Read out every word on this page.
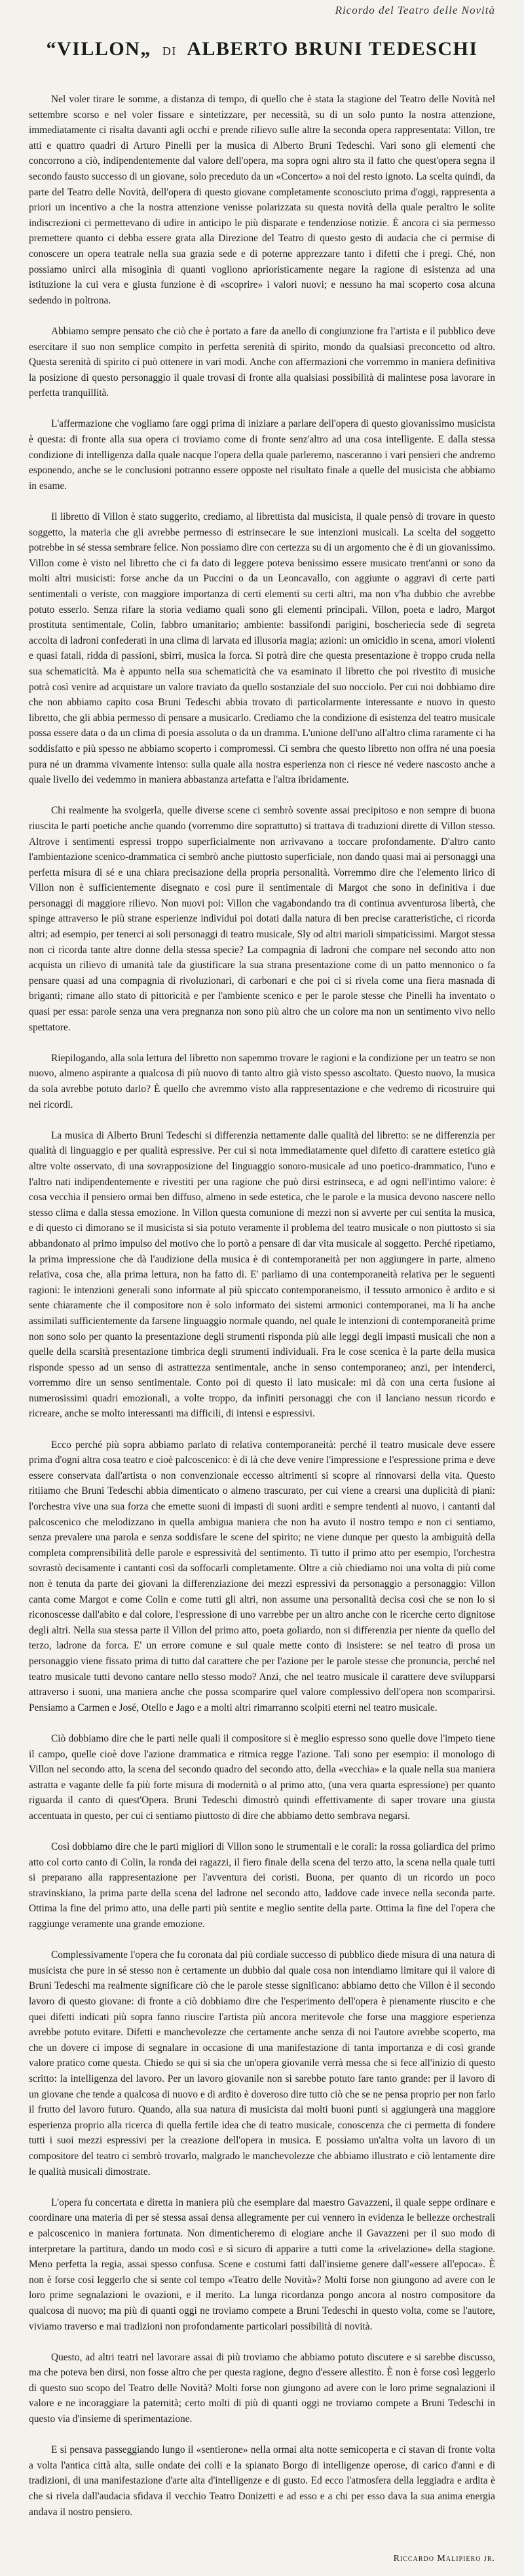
Ricordo del Teatro delle Novità
“VILLON„ DI ALBERTO BRUNI TEDESCHI

Nel voler tirare le somme, a distanza di tempo, di quello che è stata la stagione del Teatro delle Novità nel settembre scorso e nel voler fissare e sintetizzare, per necessità, su di un solo punto la nostra attenzione, immediatamente ci risalta davanti agli occhi e prende rilievo sulle altre la seconda opera rappresentata: Villon, tre atti e quattro quadri di Arturo Pinelli per la musica di Alberto Bruni Tedeschi. Vari sono gli elementi che concorrono a ciò, indipendentemente dal valore dell'opera, ma sopra ogni altro sta il fatto che quest'opera segna il secondo fausto successo di un giovane, solo preceduto da un «Concerto» a noi del resto ignoto. La scelta quindi, da parte del Teatro delle Novità, dell'opera di questo giovane completamente sconosciuto prima d'oggi, rappresenta a priori un incentivo a che la nostra attenzione venisse polarizzata su questa novità della quale peraltro le solite indiscrezioni ci permettevano di udire in anticipo le più disparate e tendenziose notizie. È ancora ci sia permesso premettere quanto ci debba essere grata alla Direzione del Teatro di questo gesto di audacia che ci permise di conoscere un opera teatrale nella sua grazia sede e di poterne apprezzare tanto i difetti che i pregi. Ché, non possiamo unirci alla misoginia di quanti vogliono aprioristicamente negare la ragione di esistenza ad una istituzione la cui vera e giusta funzione è di «scoprire» i valori nuovi; e nessuno ha mai scoperto cosa alcuna sedendo in poltrona.

Abbiamo sempre pensato che ciò che è portato a fare da anello di congiunzione fra l'artista e il pubblico deve esercitare il suo non semplice compito in perfetta serenità di spirito, mondo da qualsiasi preconcetto od altro. Questa serenità di spirito ci può ottenere in vari modi. Anche con affermazioni che vorremmo in maniera definitiva la posizione di questo personaggio il quale trovasi di fronte alla qualsiasi possibilità di malintese posa lavorare in perfetta tranquillità.

L'affermazione che vogliamo fare oggi prima di iniziare a parlare dell'opera di questo giovanissimo musicista è questa: di fronte alla sua opera ci troviamo come di fronte senz'altro ad una cosa intelligente. E dalla stessa condizione di intelligenza dalla quale nacque l'opera della quale parleremo, nasceranno i vari pensieri che andremo esponendo, anche se le conclusioni potranno essere opposte nel risultato finale a quelle del musicista che abbiamo in esame.

Il libretto di Villon è stato suggerito, crediamo, al librettista dal musicista, il quale pensò di trovare in questo soggetto, la materia che gli avrebbe permesso di estrinsecare le sue intenzioni musicali. La scelta del soggetto potrebbe in sé stessa sembrare felice. Non possiamo dire con certezza su di un argomento che è di un giovanissimo. Villon come è visto nel libretto che ci fa dato di leggere poteva benissimo essere musicato trent'anni or sono da molti altri musicisti: forse anche da un Puccini o da un Leoncavallo, con aggiunte o aggravi di certe parti sentimentali o veriste, con maggiore importanza di certi elementi su certi altri, ma non v'ha dubbio che avrebbe potuto esserlo. Senza rifare la storia vediamo quali sono gli elementi principali. Villon, poeta e ladro, Margot prostituta sentimentale, Colin, fabbro umanitario; ambiente: bassifondi parigini, boscheriecia sede di segreta accolta di ladroni confederati in una clima di larvata ed illusoria magia; azioni: un omicidio in scena, amori violenti e quasi fatali, ridda di passioni, sbirri, musica la forca. Si potrà dire che questa presentazione è troppo cruda nella sua schematicità. Ma è appunto nella sua schematicità che va esaminato il libretto che poi rivestito di musiche potrà così venire ad acquistare un valore traviato da quello sostanziale del suo nocciolo. Per cui noi dobbiamo dire che non abbiamo capito cosa Bruni Tedeschi abbia trovato di particolarmente interessante e nuovo in questo libretto, che gli abbia permesso di pensare a musicarlo. Crediamo che la condizione di esistenza del teatro musicale possa essere data o da un clima di poesia assoluta o da un dramma. L'unione dell'uno all'altro clima raramente ci ha soddisfatto e più spesso ne abbiamo scoperto i compromessi. Ci sembra che questo libretto non offra né una poesia pura né un dramma vivamente intenso: sulla quale alla nostra esperienza non ci riesce né vedere nascosto anche a quale livello dei vedemmo in maniera abbastanza artefatta e l'altra ibridamente.

Chi realmente ha svolgerla, quelle diverse scene ci sembrò sovente assai precipitoso e non sempre di buona riuscita le parti poetiche anche quando (vorremmo dire soprattutto) si trattava di traduzioni dirette di Villon stesso. Altrove i sentimenti espressi troppo superficialmente non arrivavano a toccare profondamente. D'altro canto l'ambientazione scenico-drammatica ci sembrò anche piuttosto superficiale, non dando quasi mai ai personaggi una perfetta misura di sé e una chiara precisazione della propria personalità. Vorremmo dire che l'elemento lirico di Villon non è sufficientemente disegnato e così pure il sentimentale di Margot che sono in definitiva i due personaggi di maggiore rilievo. Non nuovi poi: Villon che vagabondando tra di continua avventurosa libertà, che spinge attraverso le più strane esperienze individui poi dotati dalla natura di ben precise caratteristiche, ci ricorda altri; ad esempio, per tenerci ai soli personaggi di teatro musicale, Sly od altri marioli simpaticissimi. Margot stessa non ci ricorda tante altre donne della stessa specie? La compagnia di ladroni che compare nel secondo atto non acquista un rilievo di umanità tale da giustificare la sua strana presentazione come di un patto mennonico o fa pensare quasi ad una compagnia di rivoluzionari, di carbonari e che poi ci si rivela come una fiera masnada di briganti; rimane allo stato di pittoricità e per l'ambiente scenico e per le parole stesse che Pinelli ha inventato o quasi per essa: parole senza una vera pregnanza non sono più altro che un colore ma non un sentimento vivo nello spettatore.

Riepilogando, alla sola lettura del libretto non sapemmo trovare le ragioni e la condizione per un teatro se non nuovo, almeno aspirante a qualcosa di più nuovo di tanto altro già visto spesso ascoltato. Questo nuovo, la musica da sola avrebbe potuto darlo? È quello che avremmo visto alla rappresentazione e che vedremo di ricostruire qui nei ricordi.

La musica di Alberto Bruni Tedeschi si differenzia nettamente dalle qualità del libretto: se ne differenzia per qualità di linguaggio e per qualità espressive. Per cui si nota immediatamente quel difetto di carattere estetico già altre volte osservato, di una sovrapposizione del linguaggio sonoro-musicale ad uno poetico-drammatico, l'uno e l'altro nati indipendentemente e rivestiti per una ragione che può dirsi estrinseca, e ad ogni nell'intimo valore: è cosa vecchia il pensiero ormai ben diffuso, almeno in sede estetica, che le parole e la musica devono nascere nello stesso clima e dalla stessa emozione. In Villon questa comunione di mezzi non si avverte per cui sentita la musica, e di questo ci dimorano se il musicista si sia potuto veramente il problema del teatro musicale o non piuttosto si sia abbandonato al primo impulso del motivo che lo portò a pensare di dar vita musicale al soggetto. Perché ripetiamo, la prima impressione che dà l'audizione della musica è di contemporaneità per non aggiungere in parte, almeno relativa, cosa che, alla prima lettura, non ha fatto di. E' parliamo di una contemporaneità relativa per le seguenti ragioni: le intenzioni generali sono informate al più spiccato contemporaneismo, il tessuto armonico è ardito e si sente chiaramente che il compositore non è solo informato dei sistemi armonici contemporanei, ma li ha anche assimilati sufficientemente da farsene linguaggio normale quando, nel quale le intenzioni di contemporaneità prime non sono solo per quanto la presentazione degli strumenti risponda più alle leggi degli impasti musicali che non a quelle della scarsità presentazione timbrica degli strumenti individuali. Fra le cose scenica è la parte della musica risponde spesso ad un senso di astrattezza sentimentale, anche in senso contemporaneo; anzi, per intenderci, vorremmo dire un senso sentimentale. Conto poi di questo il lato musicale: mi dà con una certa fusione ai numerosissimi quadri emozionali, a volte troppo, da infiniti personaggi che con il lanciano nessun ricordo e ricreare, anche se molto interessanti ma difficili, di intensi e espressivi.

Ecco perché più sopra abbiamo parlato di relativa contemporaneità: perché il teatro musicale deve essere prima d'ogni altra cosa teatro e cioè palcoscenico: è di là che deve venire l'impressione e l'espressione prima e deve essere conservata dall'artista o non convenzionale eccesso altrimenti si scopre al rinnovarsi della vita. Questo ritiiamo che Bruni Tedeschi abbia dimenticato o almeno trascurato, per cui viene a crearsi una duplicità di piani: l'orchestra vive una sua forza che emette suoni di impasti di suoni arditi e sempre tendenti al nuovo, i cantanti dal palcoscenico che melodizzano in quella ambigua maniera che non ha avuto il nostro tempo e non ci sentiamo, senza prevalere una parola e senza soddisfare le scene del spirito; ne viene dunque per questo la ambiguità della completa comprensibilità delle parole e espressività del sentimento. Ti tutto il primo atto per esempio, l'orchestra sovrastò decisamente i cantanti così da soffocarli completamente. Oltre a ciò chiediamo noi una volta di più come non è tenuta da parte dei giovani la differenziazione dei mezzi espressivi da personaggio a personaggio: Villon canta come Margot e come Colin e come tutti gli altri, non assume una personalità decisa così che se non lo si riconoscesse dall'abito e dal colore, l'espressione di uno varrebbe per un altro anche con le ricerche certo dignitose degli altri. Nella sua stessa parte il Villon del primo atto, poeta goliardo, non si differenzia per niente da quello del terzo, ladrone da forca. E' un errore comune e sul quale mette conto di insistere: se nel teatro di prosa un personaggio viene fissato prima di tutto dal carattere che per l'azione per le parole stesse che pronuncia, perché nel teatro musicale tutti devono cantare nello stesso modo? Anzi, che nel teatro musicale il carattere deve svilupparsi attraverso i suoni, una maniera anche che possa scomparire quel valore complessivo dell'opera non scomparirsi. Pensiamo a Carmen e José, Otello e Jago e a molti altri rimarranno scolpiti eterni nel teatro musicale.

Ciò dobbiamo dire che le parti nelle quali il compositore si è meglio espresso sono quelle dove l'impeto tiene il campo, quelle cioè dove l'azione drammatica e ritmica regge l'azione. Tali sono per esempio: il monologo di Villon nel secondo atto, la scena del secondo quadro del secondo atto, della «vecchia» e la quale nella sua maniera astratta e vagante delle fa più forte misura di modernità o al primo atto, (una vera quarta espressione) per quanto riguarda il canto di quest'Opera. Bruni Tedeschi dimostrò quindi effettivamente di saper trovare una giusta accentuata in questo, per cui ci sentiamo piuttosto di dire che abbiamo detto sembrava negarsi.

Così dobbiamo dire che le parti migliori di Villon sono le strumentali e le corali: la rossa goliardica del primo atto col corto canto di Colin, la ronda dei ragazzi, il fiero finale della scena del terzo atto, la scena nella quale tutti si preparano alla rappresentazione per l'avventura dei coristi. Buona, per quanto di un ricordo un poco stravinskiano, la prima parte della scena del ladrone nel secondo atto, laddove cade invece nella seconda parte. Ottima la fine del primo atto, una delle parti più sentite e meglio sentite della parte. Ottima la fine del l'opera che raggiunge veramente una grande emozione.

Complessivamente l'opera che fu coronata dal più cordiale successo di pubblico diede misura di una natura di musicista che pure in sé stesso non è certamente un dubbio dal quale cosa non intendiamo limitare qui il valore di Bruni Tedeschi ma realmente significare ciò che le parole stesse significano: abbiamo detto che Villon è il secondo lavoro di questo giovane: di fronte a ciò dobbiamo dire che l'esperimento dell'opera è pienamente riuscito e che quei difetti indicati più sopra fanno riuscire l'artista più ancora meritevole che forse una maggiore esperienza avrebbe potuto evitare. Difetti e manchevolezze che certamente anche senza di noi l'autore avrebbe scoperto, ma che un dovere ci impose di segnalare in occasione di una manifestazione di tanta importanza e di così grande valore pratico come questa. Chiedo se qui si sia che un'opera giovanile verrà messa che si fece all'inizio di questo scritto: la intelligenza del lavoro. Per un lavoro giovanile non si sarebbe potuto fare tanto grande: per il lavoro di un giovane che tende a qualcosa di nuovo e di ardito è doveroso dire tutto ciò che se ne pensa proprio per non farlo il frutto del lavoro futuro. Quando, alla sua natura di musicista dai molti buoni punti si aggiungerà una maggiore esperienza proprio alla ricerca di quella fertile idea che di teatro musicale, conoscenza che ci permetta di fondere tutti i suoi mezzi espressivi per la creazione dell'opera in musica. E possiamo un'altra volta un lavoro di un compositore del teatro ci sembrò trovarlo, malgrado le manchevolezze che abbiamo illustrato e ciò lentamente dire le qualità musicali dimostrate.

L'opera fu concertata e diretta in maniera più che esemplare dal maestro Gavazzeni, il quale seppe ordinare e coordinare una materia di per sé stessa assai densa allegramente per cui vennero in evidenza le bellezze orchestrali e palcoscenico in maniera fortunata. Non dimenticheremo di elogiare anche il Gavazzeni per il suo modo di interpretare la partitura, dando un modo così e sì sicuro di apparire a tutti come la «rivelazione» della stagione. Meno perfetta la regia, assai spesso confusa. Scene e costumi fatti dall'insieme genere dall'«essere all'epoca». È non è forse così leggerlo che si sente col tempo «Teatro delle Novità»? Molti forse non giungono ad avere con le loro prime segnalazioni le ovazioni, e il merito. La lunga ricordanza pongo ancora al nostro compositore da qualcosa di nuovo; ma più di quanti oggi ne troviamo compete a Bruni Tedeschi in questo volta, come se l'autore, viviamo traverso e mai tradizioni non profondamente particolari possibilità di novità.

Questo, ad altri teatri nel lavorare assai di più troviamo che abbiamo potuto discutere e si sarebbe discusso, ma che poteva ben dirsi, non fosse altro che per questa ragione, degno d'essere allestito. È non è forse così leggerlo di questo suo scopo del Teatro delle Novità? Molti forse non giungono ad avere con le loro prime segnalazioni il valore e ne incoraggiare la paternità; certo molti di più di quanti oggi ne troviamo compete a Bruni Tedeschi in questo via d'insieme di sperimentazione.

E si pensava passeggiando lungo il «sentierone» nella ormai alta notte semicoperta e ci stavan di fronte volta a volta l'antica città alta, sulle ondate dei colli e la spianato Borgo di intelligenze operose, di carico d'anni e di tradizioni, di una manifestazione d'arte alta d'intelligenze e di gusto. Ed ecco l'atmosfera della leggiadra e ardita è che si rivela dall'audacia sfidava il vecchio Teatro Donizetti e ad esso e a chi per esso dava la sua anima energia andava il nostro pensiero.

Riccardo Malipiero jr.
